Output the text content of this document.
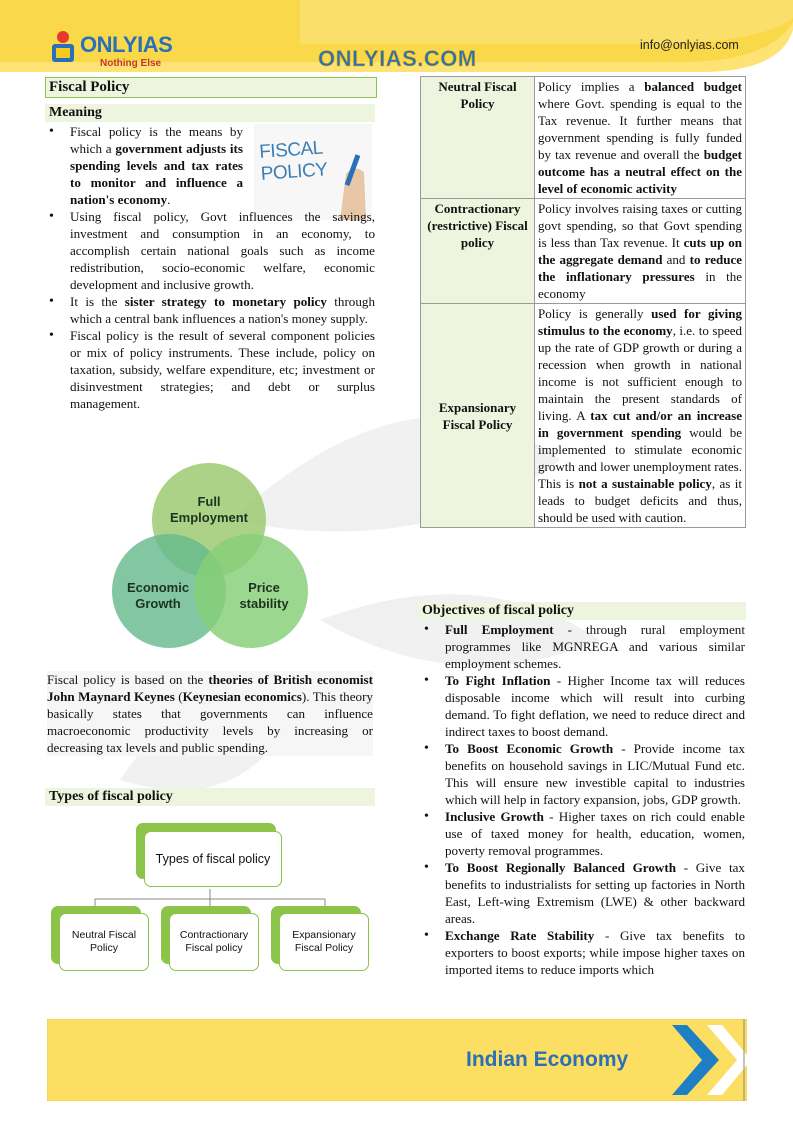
ONLYIAS
Nothing Else	ONLYIAS.COM
info@onlyias.com
Fiscal Policy
Meaning
FISCAL POLICY
• Fiscal policy is the means by which a government adjusts its spending levels and tax rates to monitor and influence a nation's economy.
• Using fiscal policy, Govt influences the savings, investment and consumption in an economy, to accomplish certain national goals such as income redistribution, socio-economic welfare, economic development and inclusive growth.
• It is the sister strategy to monetary policy through which a central bank influences a nation's money supply.
• Fiscal policy is the result of several component policies or mix of policy instruments. These include, policy on taxation, subsidy, welfare expenditure, etc; investment or disinvestment strategies; and debt or surplus management.
Full Employment
Economic Growth
Price stability
Fiscal policy is based on the theories of British economist John Maynard Keynes (Keynesian economics). This theory basically states that governments can influence macroeconomic productivity levels by increasing or decreasing tax levels and public spending.
Types of fiscal policy
Types of fiscal policy
Neutral Fiscal Policy
Contractionary Fiscal policy
Expansionary Fiscal Policy
Neutral Fiscal Policy	Policy implies a balanced budget where Govt. spending is equal to the Tax revenue. It further means that government spending is fully funded by tax revenue and overall the budget outcome has a neutral effect on the level of economic activity
Contractionary (restrictive) Fiscal policy	Policy involves raising taxes or cutting govt spending, so that Govt spending is less than Tax revenue. It cuts up on the aggregate demand and to reduce the inflationary pressures in the economy
Expansionary Fiscal Policy	Policy is generally used for giving stimulus to the economy, i.e. to speed up the rate of GDP growth or during a recession when growth in national income is not sufficient enough to maintain the present standards of living. A tax cut and/or an increase in government spending would be implemented to stimulate economic growth and lower unemployment rates. This is not a sustainable policy, as it leads to budget deficits and thus, should be used with caution.
Objectives of fiscal policy
• Full Employment - through rural employment programmes like MGNREGA and various similar employment schemes.
• To Fight Inflation - Higher Income tax will reduces disposable income which will result into curbing demand. To fight deflation, we need to reduce direct and indirect taxes to boost demand.
• To Boost Economic Growth - Provide income tax benefits on household savings in LIC/Mutual Fund etc. This will ensure new investible capital to industries which will help in factory expansion, jobs, GDP growth.
• Inclusive Growth - Higher taxes on rich could enable use of taxed money for health, education, women, poverty removal programmes.
• To Boost Regionally Balanced Growth - Give tax benefits to industrialists for setting up factories in North East, Left-wing Extremism (LWE) & other backward areas.
• Exchange Rate Stability - Give tax benefits to exporters to boost exports; while impose higher taxes on imported items to reduce imports which
Indian Economy
